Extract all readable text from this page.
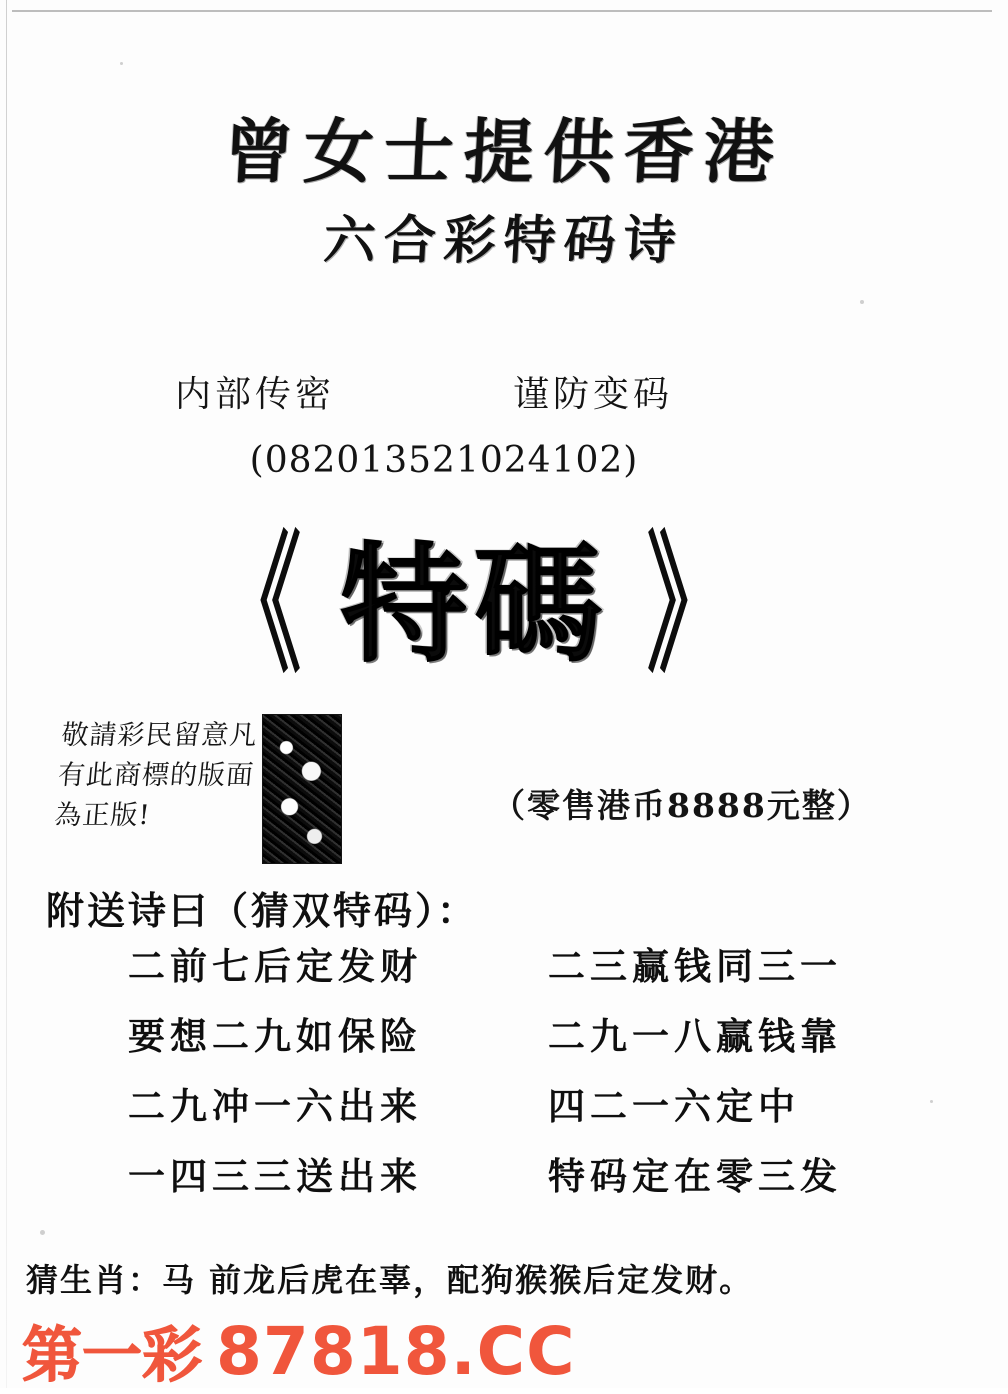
曾女士提供香港
六合彩特码诗
内部传密	谨防变码
(082013521024102)
《 特碼 》
敬請彩民留意凡有此商標的版面為正版!	（零售港币8888元整）
附送诗曰（猜双特码）：
二前七后定发财	二三赢钱同三一
要想二九如保险	二九一八赢钱靠
二九冲一六出来	四二一六定中
一四三三送出来	特码定在零三发
猜生肖：马 前龙后虎在辜，配狗猴猴后定发财。
第一彩 87818.CC
